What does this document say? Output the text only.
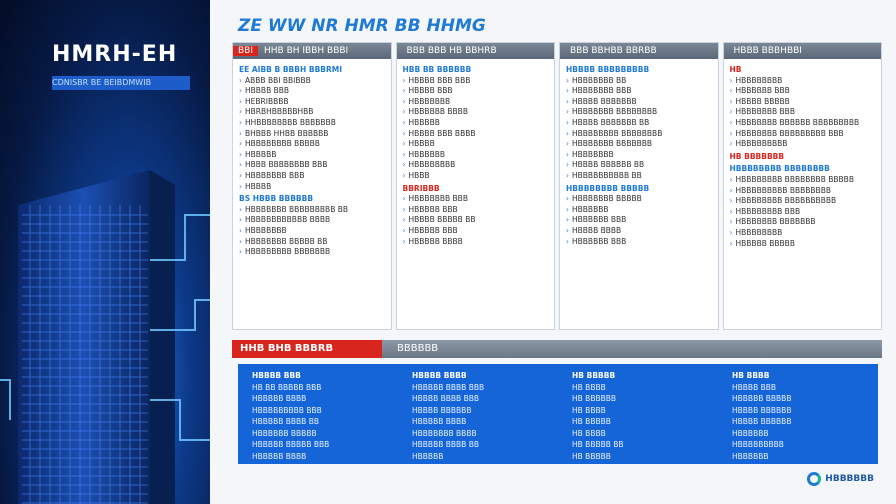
HMRH-EH
CDNISBR BE BEIBDMWIB
ZE WW NR HMR BB HHMG
BBI HHB BH IBBH BBBI
EE AIBB B BBBH BBBRMI
› ABBB BBI BBIBBB
› HBBBB BBB
› HEBRIBBBB
› HBRBHBBBBBHBB
› HHBBBBBBBB BBBBBBB
› BHBBB HHBB BBBBBB
› HBBBBBBBB BBBBB
› HBBBBB
› HBBB BBBBBBBB BBB
› HBBBBBBB BBB
› HBBBB
BS HBBB BBBBBB
› HBBBBBBB BBBBBBBBB BB
› HBBBBBBBBBBB BBBB
› HBBBBBBB
› HBBBBBBB BBBBB BB
› HBBBBBBBB BBBBBBB
BBB BBB HB BBHRB
HBB BB BBBBBB
› HBBBB BBB BBB
› HBBBB BBB
› HBBBBBBB
› HBBBBBB BBBB
› HBBBBB
› HBBBB BBB BBBB
› HBBBB
› HBBBBBB
› HBBBBBBBB
› HBBB
BBRIBBB
› HBBBBBBB BBB
› HBBBBB BBB
› HBBBB BBBBB BB
› HBBBBB BBB
› HBBBBB BBBB
BBB BBHBB BBRBB
HBBBB BBBBBBBBB
› HBBBBBBB BB
› HBBBBBBB BBB
› HBBBB BBBBBBB
› HBBBBBBB BBBBBBBB
› HBBBB BBBBBBB BB
› HBBBBBBBB BBBBBBBB
› HBBBBBBB BBBBBBB
› HBBBBBBB
› HBBBB BBBBBB BB
› HBBBBBBBBBB BB
HBBBBBBBB BBBBB
› HBBBBBBB BBBBB
› HBBBBBB
› HBBBBBB BBB
› HBBBB BBBB
› HBBBBBB BBB
HBBB BBBHBBI
HB
› HBBBBBBBB
› HBBBBBB BBB
› HBBBB BBBBB
› HBBBBBBB BBB
› HBBBBBBB BBBBBB BBBBBBBBB
› HBBBBBBB BBBBBBBBB BBB
› HBBBBBBBBB
HB BBBBBBB
HBBBBBBBB BBBBBBBB
› HBBBBBBBB BBBBBBBB BBBBB
› HBBBBBBBBB BBBBBBBB
› HBBBBBBBB BBBBBBBBBB
› HBBBBBBBB BBB
› HBBBBBBB BBBBBBB
› HBBBBBBBB
› HBBBBB BBBBB
HHB BHB BBBRB	BBBBBB
HBBBB BBB
HB BB BBBBB BBB
HBBBBB BBBB
HBBBBBBBBB BBB
HBBBBB BBBB BB
HBBBBBB BBBBB
HBBBBB BBBBB BBB
HBBBBB BBBB
HBBBB BBBB
HBBBBB BBBB BBB
HBBBB BBBB BBB
HBBBB BBBBBB
HBBBBB BBBB
HBBBBBBB BBBB
HBBBBB BBBB BB
HBBBBB
HB BBBBB
HB BBBB
HB BBBBBB
HB BBBB
HB BBBBB
HB BBBB
HB BBBBB BB
HB BBBBB
HB BBBB
HBBBB BBB
HBBBBB BBBBB
HBBBB BBBBBB
HBBBB BBBBBB
HBBBBBB
HBBBBBBBBB
HBBBBBB
HBBBBBB
